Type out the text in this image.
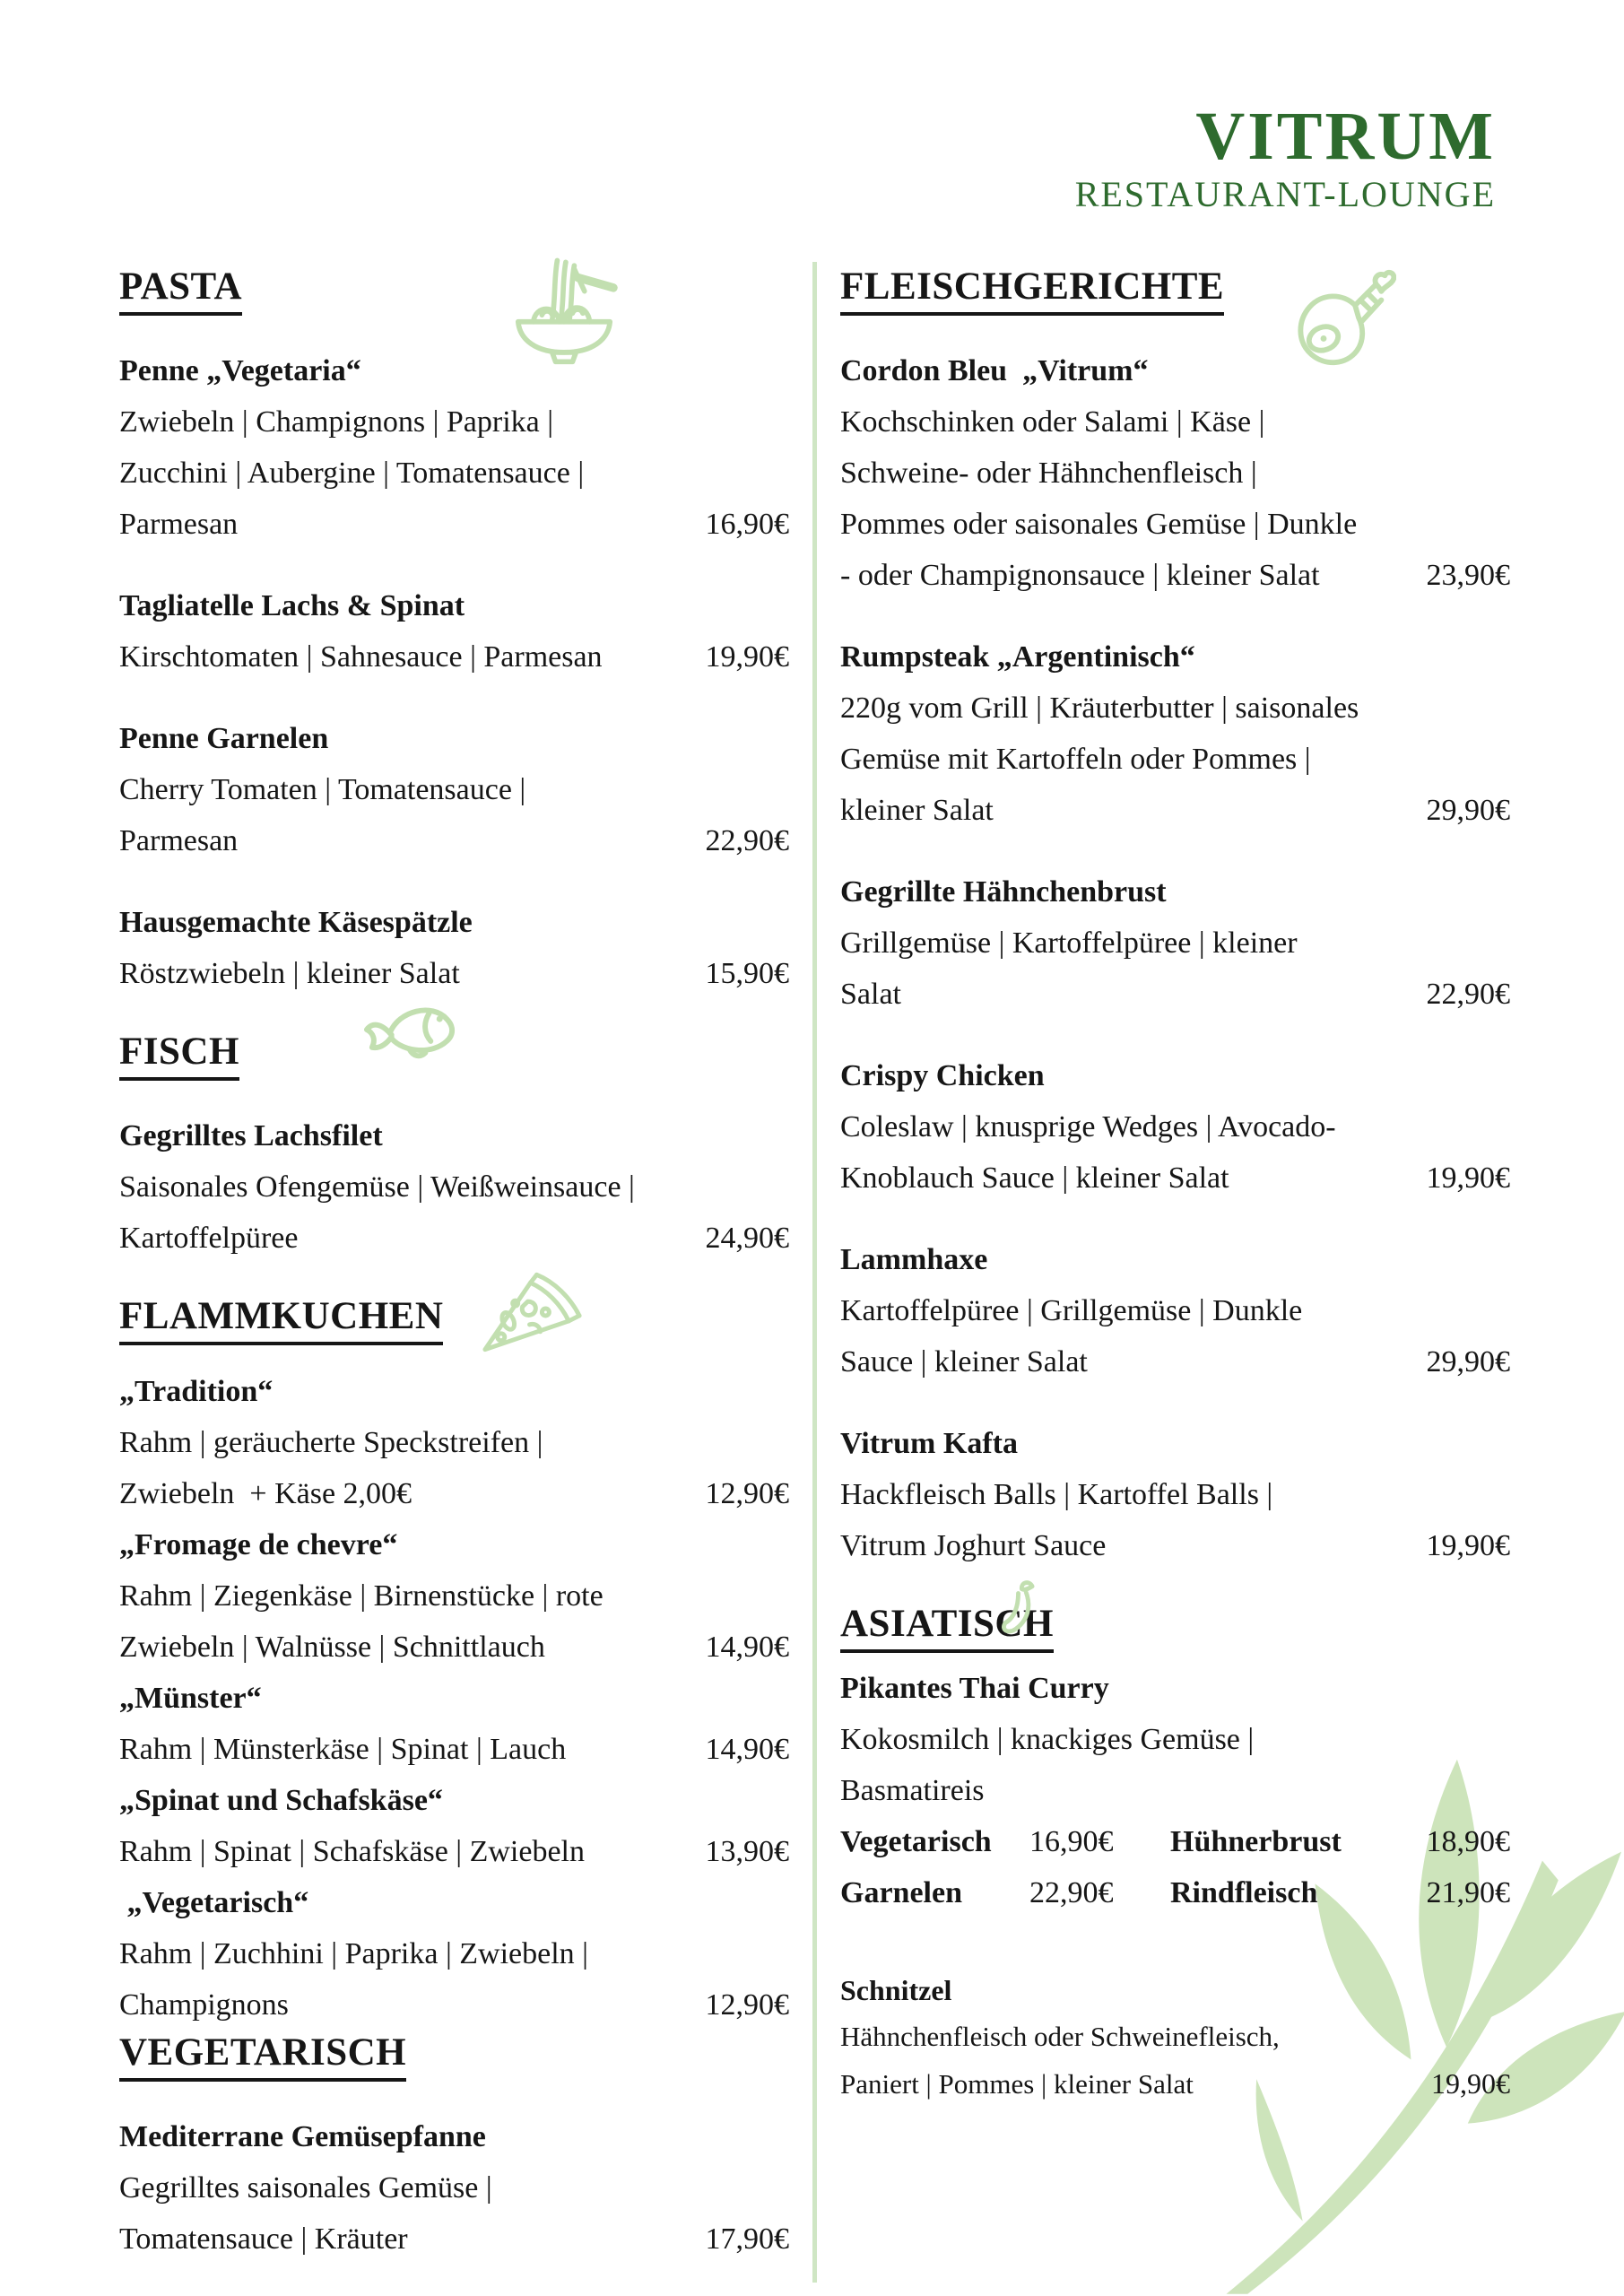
VITRUM
RESTAURANT-LOUNGE
PASTA
Penne „Vegetaria“
Zwiebeln | Champignons | Paprika |
Zucchini | Aubergine | Tomatensauce |
Parmesan	16,90€
Tagliatelle Lachs & Spinat
Kirschtomaten | Sahnesauce | Parmesan	19,90€
Penne Garnelen
Cherry Tomaten | Tomatensauce |
Parmesan	22,90€
Hausgemachte Käsespätzle
Röstzwiebeln | kleiner Salat	15,90€
FISCH
Gegrilltes Lachsfilet
Saisonales Ofengemüse | Weißweinsauce |
Kartoffelpüree	24,90€
FLAMMKUCHEN
„Tradition“
Rahm | geräucherte Speckstreifen |
Zwiebeln  + Käse 2,00€	12,90€
„Fromage de chevre“
Rahm | Ziegenkäse | Birnenstücke | rote
Zwiebeln | Walnüsse | Schnittlauch	14,90€
„Münster“
Rahm | Münsterkäse | Spinat | Lauch	14,90€
„Spinat und Schafskäse“
Rahm | Spinat | Schafskäse | Zwiebeln	13,90€
„Vegetarisch“
Rahm | Zuchhini | Paprika | Zwiebeln |
Champignons	12,90€
VEGETARISCH
Mediterrane Gemüsepfanne
Gegrilltes saisonales Gemüse |
Tomatensauce | Kräuter	17,90€
FLEISCHGERICHTE
Cordon Bleu  „Vitrum“
Kochschinken oder Salami | Käse |
Schweine- oder Hähnchenfleisch |
Pommes oder saisonales Gemüse | Dunkle
- oder Champignonsauce | kleiner Salat	23,90€
Rumpsteak „Argentinisch“
220g vom Grill | Kräuterbutter | saisonales
Gemüse mit Kartoffeln oder Pommes |
kleiner Salat	29,90€
Gegrillte Hähnchenbrust
Grillgemüse | Kartoffelpüree | kleiner
Salat	22,90€
Crispy Chicken
Coleslaw | knusprige Wedges | Avocado-
Knoblauch Sauce | kleiner Salat	19,90€
Lammhaxe
Kartoffelpüree | Grillgemüse | Dunkle
Sauce | kleiner Salat	29,90€
Vitrum Kafta
Hackfleisch Balls | Kartoffel Balls |
Vitrum Joghurt Sauce	19,90€
ASIATISCH
Pikantes Thai Curry
Kokosmilch | knackiges Gemüse |
Basmatireis
Vegetarisch	16,90€	Hühnerbrust	18,90€
Garnelen	22,90€	Rindfleisch	21,90€
Schnitzel
Hähnchenfleisch oder Schweinefleisch,
Paniert | Pommes | kleiner Salat	19,90€
